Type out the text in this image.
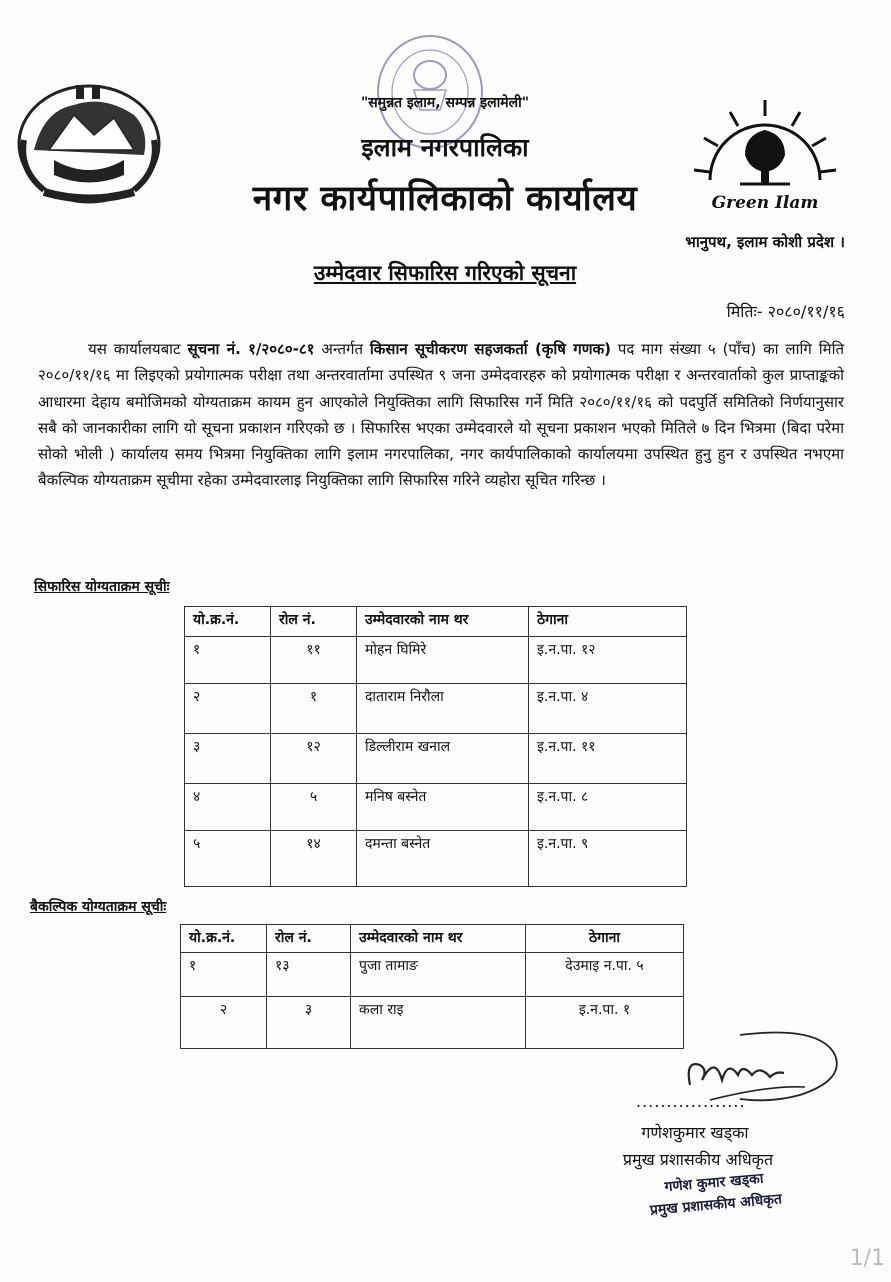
"समुन्नत इलाम, सम्पन्न इलामेली"
इलाम नगरपालिका
नगर कार्यपालिकाको कार्यालय	Green Ilam
भानुपथ, इलाम कोशी प्रदेश ।
उम्मेदवार सिफारिस गरिएको सूचना
मितिः- २०८०/११/१६
यस कार्यालयबाट सूचना नं. १/२०८०-८१ अन्तर्गत किसान सूचीकरण सहजकर्ता (कृषि गणक) पद माग संख्या ५ (पाँच) का लागि मिति २०८०/११/१६ मा लिइएको प्रयोगात्मक परीक्षा तथा अन्तरवार्तामा उपस्थित ९ जना उम्मेदवारहरु को प्रयोगात्मक परीक्षा र अन्तरवार्ताको कुल प्राप्ताङ्कको आधारमा देहाय बमोजिमको योग्यताक्रम कायम हुन आएकोले नियुक्तिका लागि सिफारिस गर्ने मिति २०८०/११/१६ को पदपुर्ति समितिको निर्णयानुसार सबै को जानकारीका लागि यो सूचना प्रकाशन गरिएको छ । सिफारिस भएका उम्मेदवारले यो सूचना प्रकाशन भएको मितिले ७ दिन भित्रमा (बिदा परेमा सोको भोली ) कार्यालय समय भित्रमा नियुक्तिका लागि इलाम नगरपालिका, नगर कार्यपालिकाको कार्यालयमा उपस्थित हुनु हुन र उपस्थित नभएमा बैकल्पिक योग्यताक्रम सूचीमा रहेका उम्मेदवारलाइ नियुक्तिका लागि सिफारिस गरिने व्यहोरा सूचित गरिन्छ ।
सिफारिस योग्यताक्रम सूचीः
यो.क्र.नं.	रोल नं.	उम्मेदवारको नाम थर	ठेगाना
१	११	मोहन घिमिरे	इ.न.पा. १२
२	१	दाताराम निरौला	इ.न.पा. ४
३	१२	डिल्लीराम खनाल	इ.न.पा. ११
४	५	मनिष बस्नेत	इ.न.पा. ८
५	१४	दमन्ता बस्नेत	इ.न.पा. ९
बैकल्पिक योग्यताक्रम सूचीः
यो.क्र.नं.	रोल नं.	उम्मेदवारको नाम थर	ठेगाना
१	१३	पुजा तामाङ	देउमाइ न.पा. ५
२	३	कला राइ	इ.न.पा. १
..................
गणेशकुमार खड्का
प्रमुख प्रशासकीय अधिकृत
गणेश कुमार खड्का
प्रमुख प्रशासकीय अधिकृत
1/1
